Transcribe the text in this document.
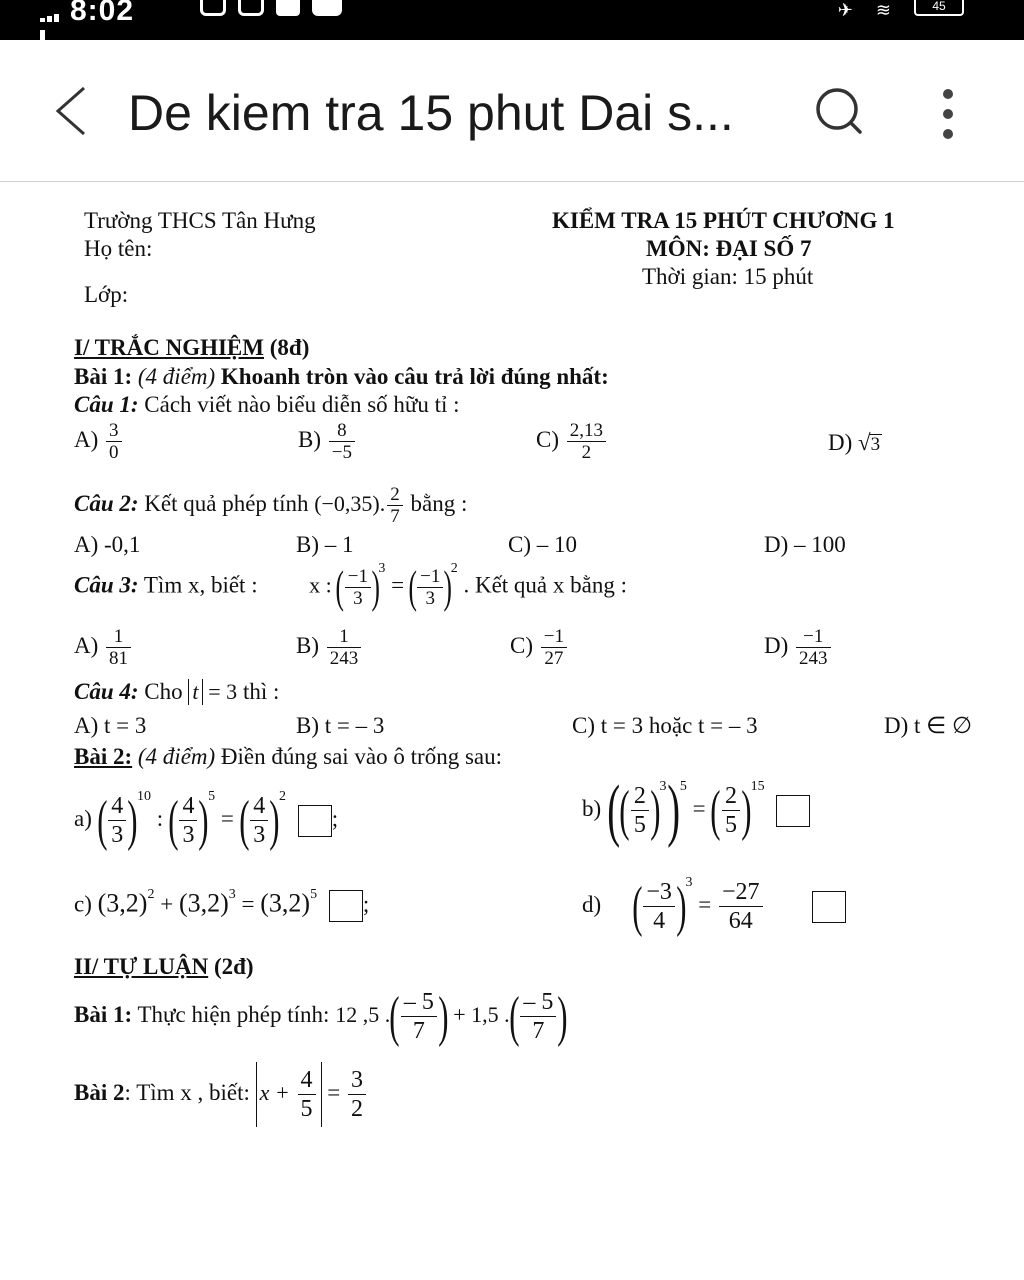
8:02	✈ ≋	45
De kiem tra 15 phut Dai s...
Trường THCS Tân Hưng
Họ tên:
Lớp:
KIỂM TRA 15 PHÚT CHƯƠNG 1
MÔN: ĐẠI SỐ 7
Thời gian: 15 phút
I/ TRẮC NGHIỆM (8đ)
Bài 1: (4 điểm) Khoanh tròn vào câu trả lời đúng nhất:
Câu 1: Cách viết nào biểu diễn số hữu tỉ :
$A) \frac{3}{0}$	$B) \frac{8}{-5}$	$C) \frac{2,13}{2}$	D) √3
Câu 2: Kết quả phép tính (−0,35). $\frac{2}{7}$ bằng :
A) -0,1	B) – 1	C) – 10	D) – 100
Câu 3: Tìm x, biết : x : ( $\frac{-1}{3} )^3$ = ( $\frac{-1}{3} )^2$ . Kết quả x bằng :
$A) \frac{1}{81}$	$B) \frac{1}{243}$	$C) \frac{-1}{27}$	$D) \frac{-1}{243}$
Câu 4: Cho t = 3 thì :
A) t = 3	B) t = – 3	C) t = 3 hoặc t = – 3	D) t ∈ ∅
Bài 2: (4 điểm) Điền đúng sai vào ô trống sau:
a) ( $\frac{4}{3} )^{10}$ : ( $\frac{4}{3} )^5$ = ( $\frac{4}{3} )^2$ ;	b) (( $\frac{2}{5} )^3)^5$ = ( $\frac{2}{5} )^{15}$
c) $(3,2)^2 + (3,2)^3 = (3,2)^5$ ;	d) ( $\frac{-3}{4} )^3 = \frac{-27}{64}$

II/ TỰ LUẬN (2đ)
Bài 1: Thực hiện phép tính: 12 ,5 .( $\frac{- 5}{7}$ ) + 1,5 .( $\frac{- 5}{7}$ )
Bài 2: Tìm x , biết: $x + \frac{4}{5} = \frac{3}{2}$
